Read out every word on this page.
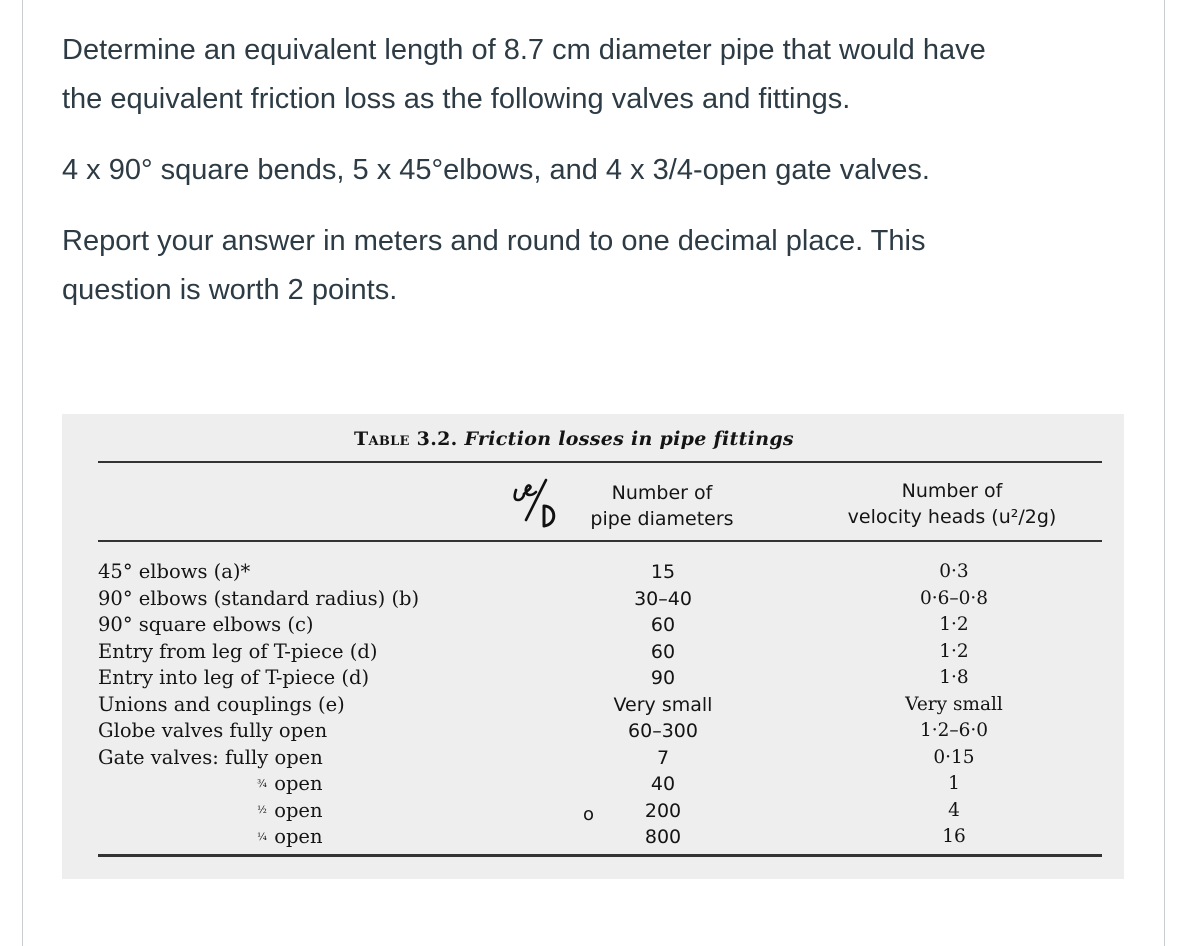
Determine an equivalent length of 8.7 cm diameter pipe that would have
the equivalent friction loss as the following valves and fittings.

4 x 90° square bends, 5 x 45°elbows, and 4 x 3/4-open gate valves.

Report your answer in meters and round to one decimal place. This
question is worth 2 points.

Table 3.2. Friction losses in pipe fittings
Number of
pipe diameters
Number of
velocity heads (u²/2g)
45° elbows (a)*
90° elbows (standard radius) (b)
90° square elbows (c)
Entry from leg of T-piece (d)
Entry into leg of T-piece (d)
Unions and couplings (e)
Globe valves fully open
Gate valves: fully open
¾ open
½ open
¼ open
15
30–40
60
60
90
Very small
60–300
7
40
200
800
o
0·3
0·6–0·8
1·2
1·2
1·8
Very small
1·2–6·0
0·15
1
4
16
